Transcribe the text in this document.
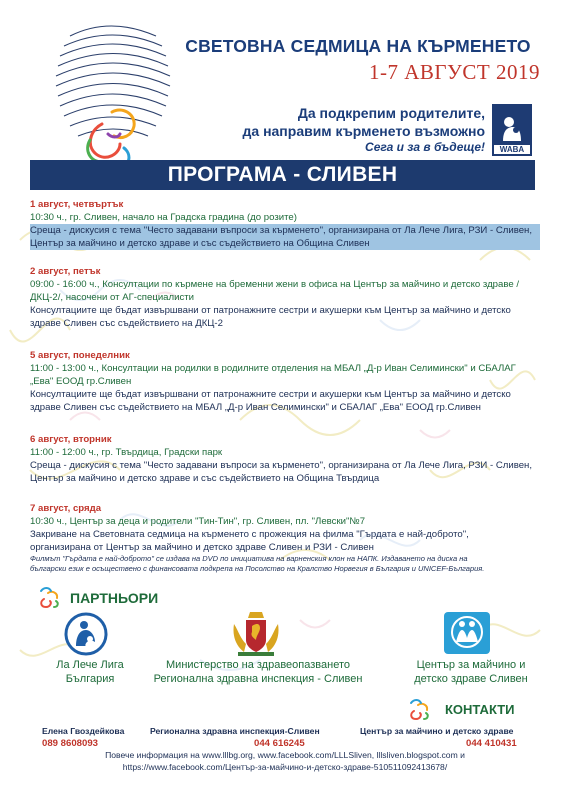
СВЕТОВНА СЕДМИЦА НА КЪРМЕНЕТО
1-7 АВГУСТ 2019
Да подкрепим родителите,
да направим кърменето възможно
Сега и за в бъдеще!	WABA
ПРОГРАМА - СЛИВЕН
1 август, четвъртък
10:30 ч., гр. Сливен, начало на Градска градина (до розите)
Среща - дискусия с тема "Често задавани въпроси за кърменето", организирана от Ла Лече Лига, РЗИ - Сливен,
Център за майчино и детско здраве и със съдействието на Община Сливен
2 август, петък
09:00 - 16:00 ч., Консултации по кърмене на бременни жени в офиса на Център за майчино и детско здраве /
ДКЦ-2/, насочени от АГ-специалисти
Консултациите ще бъдат извършвани от патронажните сестри и акушерки към Център за майчино и детско
здраве Сливен със съдействието на ДКЦ-2
5 август, понеделник
11:00 - 13:00 ч., Консултации на родилки в родилните отделения на МБАЛ „Д-р Иван Селимински" и СБАЛАГ
„Ева" ЕООД гр.Сливен
Консултациите ще бъдат извършвани от патронажните сестри и акушерки към Център за майчино и детско
здраве Сливен със съдействието на МБАЛ „Д-р Иван Селимински" и СБАЛАГ „Ева" ЕООД гр.Сливен
6 август, вторник
11:00 - 12:00 ч., гр. Твърдица, Градски парк
Среща - дискусия с тема "Често задавани въпроси за кърменето", организирана от Ла Лече Лига, РЗИ - Сливен,
Център за майчино и детско здраве и със съдействието на Община Твърдица
7 август, сряда
10:30 ч., Център за деца и родители "Тин-Тин", гр. Сливен, пл. "Левски"№7
Закриване на Световната седмица на кърменето с прожекция на филма "Гърдата е най-доброто",
организирана от Център за майчино и детско здраве Сливен и РЗИ - Сливен
Филмът "Гърдата е най-доброто" се издава на DVD по инициатива на варненския клон на НАПК. Издаването на диска на
български език е осъществено с финансовата подкрепа на Посолство на Кралство Норвегия в България и UNICEF-България.
ПАРТНЬОРИ
Ла Лече Лига
България
Министерство на здравеопазването
Регионална здравна инспекция - Сливен
Център за майчино и
детско здраве Сливен
КОНТАКТИ
Елена Гвоздейкова
089 8608093
Регионална здравна инспекция-Сливен
044 616245
Център за майчино и детско здраве
044 410431
Повече информация на www.lllbg.org, www.facebook.com/LLLSliven, lllsliven.blogspot.com и
https://www.facebook.com/Център-за-майчино-и-детско-здраве-510511092413678/
